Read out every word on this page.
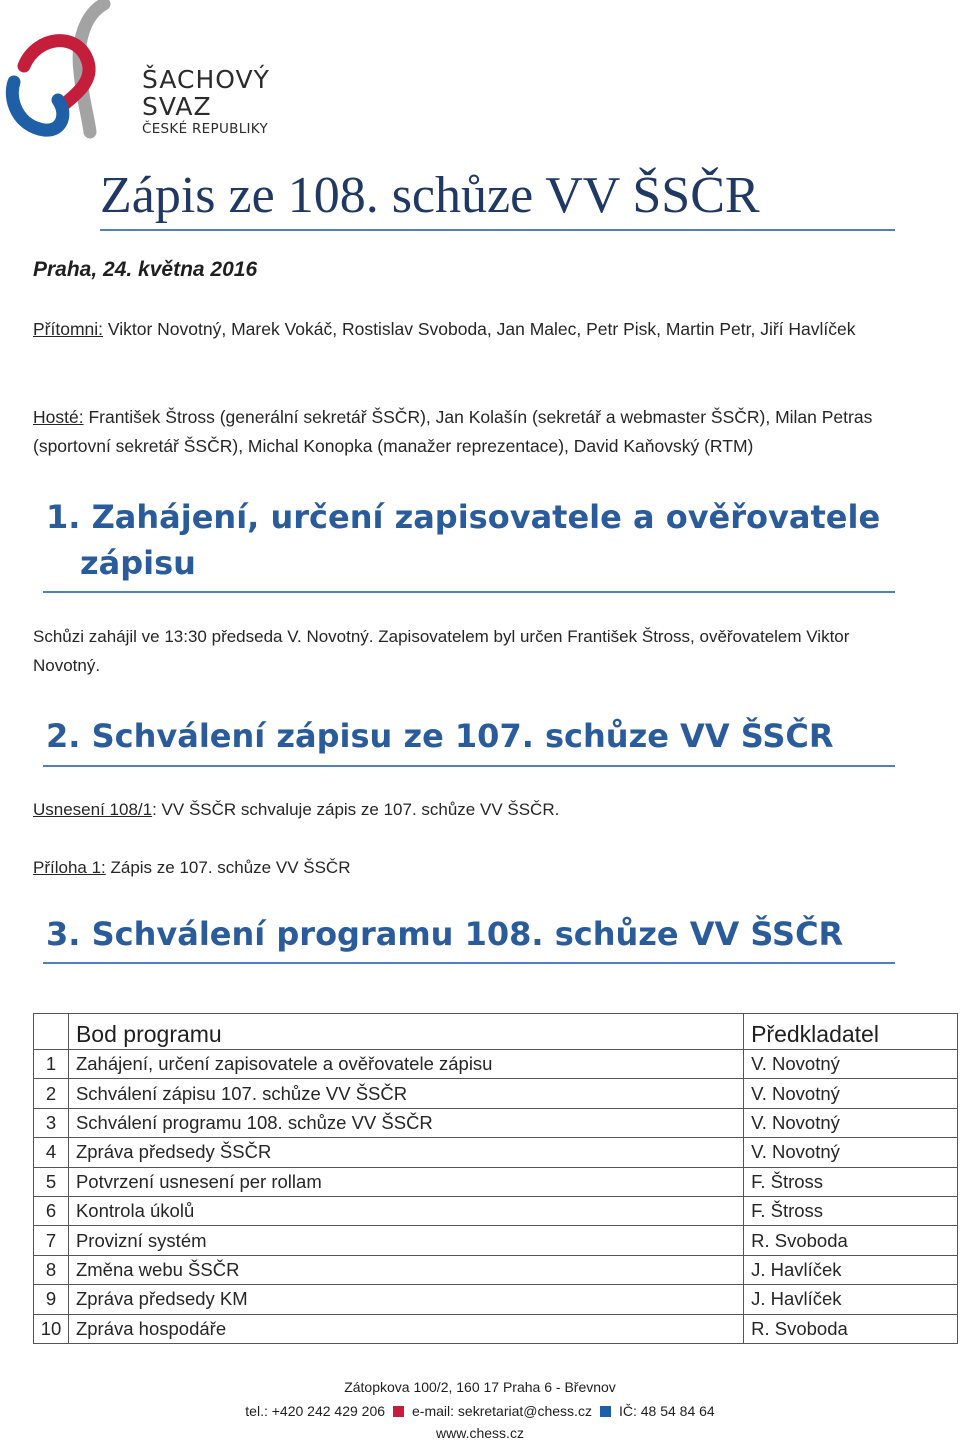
ŠACHOVÝ
SVAZ
ČESKÉ REPUBLIKY
Zápis ze 108. schůze VV ŠSČR
Praha, 24. května 2016
Přítomni: Viktor Novotný, Marek Vokáč, Rostislav Svoboda, Jan Malec, Petr Pisk, Martin Petr, Jiří Havlíček
Hosté: František Štross (generální sekretář ŠSČR), Jan Kolašín (sekretář a webmaster ŠSČR), Milan Petras (sportovní sekretář ŠSČR), Michal Konopka (manažer reprezentace), David Kaňovský (RTM)
1. Zahájení, určení zapisovatele a ověřovatele
zápisu
Schůzi zahájil ve 13:30 předseda V. Novotný. Zapisovatelem byl určen František Štross, ověřovatelem Viktor Novotný.
2. Schválení zápisu ze 107. schůze VV ŠSČR
Usnesení 108/1: VV ŠSČR schvaluje zápis ze 107. schůze VV ŠSČR.
Příloha 1: Zápis ze 107. schůze VV ŠSČR
3. Schválení programu 108. schůze VV ŠSČR
	Bod programu	Předkladatel
1	Zahájení, určení zapisovatele a ověřovatele zápisu	V. Novotný
2	Schválení zápisu 107. schůze VV ŠSČR	V. Novotný
3	Schválení programu 108. schůze VV ŠSČR	V. Novotný
4	Zpráva předsedy ŠSČR	V. Novotný
5	Potvrzení usnesení per rollam	F. Štross
6	Kontrola úkolů	F. Štross
7	Provizní systém	R. Svoboda
8	Změna webu ŠSČR	J. Havlíček
9	Zpráva předsedy KM	J. Havlíček
10	Zpráva hospodáře	R. Svoboda
Zátopkova 100/2, 160 17 Praha 6 - Břevnov
tel.: +420 242 429 206 e-mail: sekretariat@chess.cz IČ: 48 54 84 64
www.chess.cz
